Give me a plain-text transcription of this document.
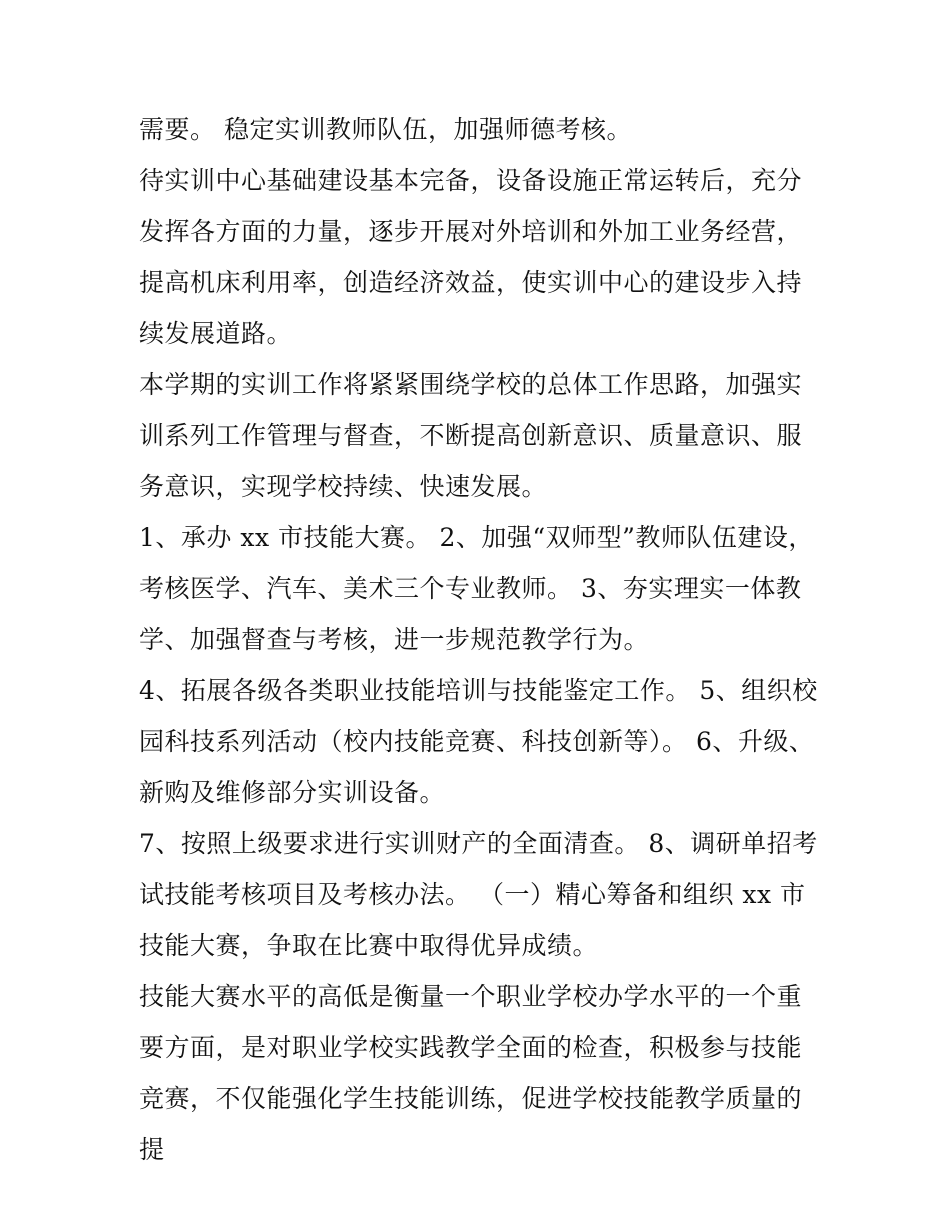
需要。 稳定实训教师队伍，加强师德考核。

待实训中心基础建设基本完备，设备设施正常运转后，充分发挥各方面的力量，逐步开展对外培训和外加工业务经营，提高机床利用率，创造经济效益，使实训中心的建设步入持续发展道路。

本学期的实训工作将紧紧围绕学校的总体工作思路，加强实训系列工作管理与督查，不断提高创新意识、质量意识、服务意识，实现学校持续、快速发展。

1、承办 xx 市技能大赛。 2、加强“双师型”教师队伍建设，考核医学、汽车、美术三个专业教师。 3、夯实理实一体教学、加强督查与考核，进一步规范教学行为。

4、拓展各级各类职业技能培训与技能鉴定工作。 5、组织校园科技系列活动（校内技能竞赛、科技创新等）。 6、升级、新购及维修部分实训设备。

7、按照上级要求进行实训财产的全面清查。 8、调研单招考试技能考核项目及考核办法。 （一）精心筹备和组织 xx 市技能大赛，争取在比赛中取得优异成绩。

技能大赛水平的高低是衡量一个职业学校办学水平的一个重要方面，是对职业学校实践教学全面的检查，积极参与技能竞赛，不仅能强化学生技能训练，促进学校技能教学质量的提
